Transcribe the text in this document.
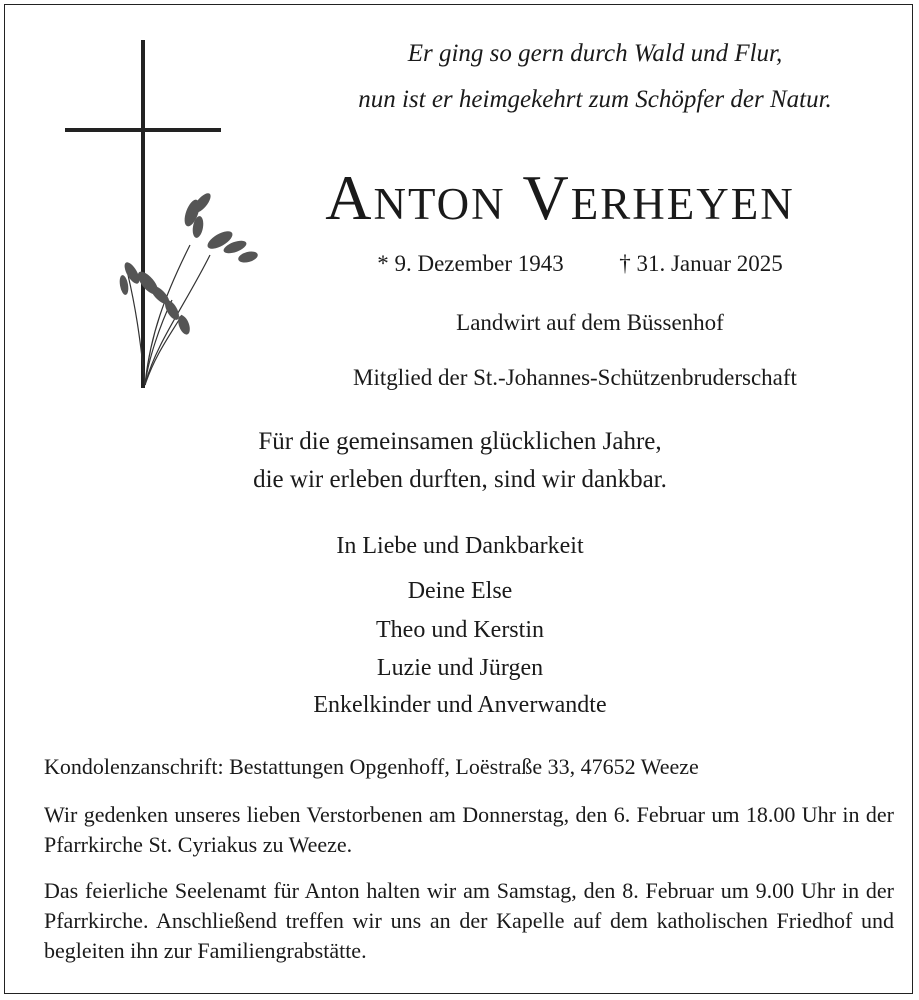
Er ging so gern durch Wald und Flur,
nun ist er heimgekehrt zum Schöpfer der Natur.
Anton Verheyen
* 9. Dezember 1943 † 31. Januar 2025
Landwirt auf dem Büssenhof
Mitglied der St.-Johannes-Schützenbruderschaft
Für die gemeinsamen glücklichen Jahre,
die wir erleben durften, sind wir dankbar.
In Liebe und Dankbarkeit
Deine Else
Theo und Kerstin
Luzie und Jürgen
Enkelkinder und Anverwandte
Kondolenzanschrift: Bestattungen Opgenhoff, Loëstraße 33, 47652 Weeze
Wir gedenken unseres lieben Verstorbenen am Donnerstag, den 6. Februar um 18.00 Uhr in der Pfarrkirche St. Cyriakus zu Weeze.
Das feierliche Seelenamt für Anton halten wir am Samstag, den 8. Februar um 9.00 Uhr in der Pfarrkirche. Anschließend treffen wir uns an der Kapelle auf dem katholischen Friedhof und begleiten ihn zur Familiengrabstätte.
